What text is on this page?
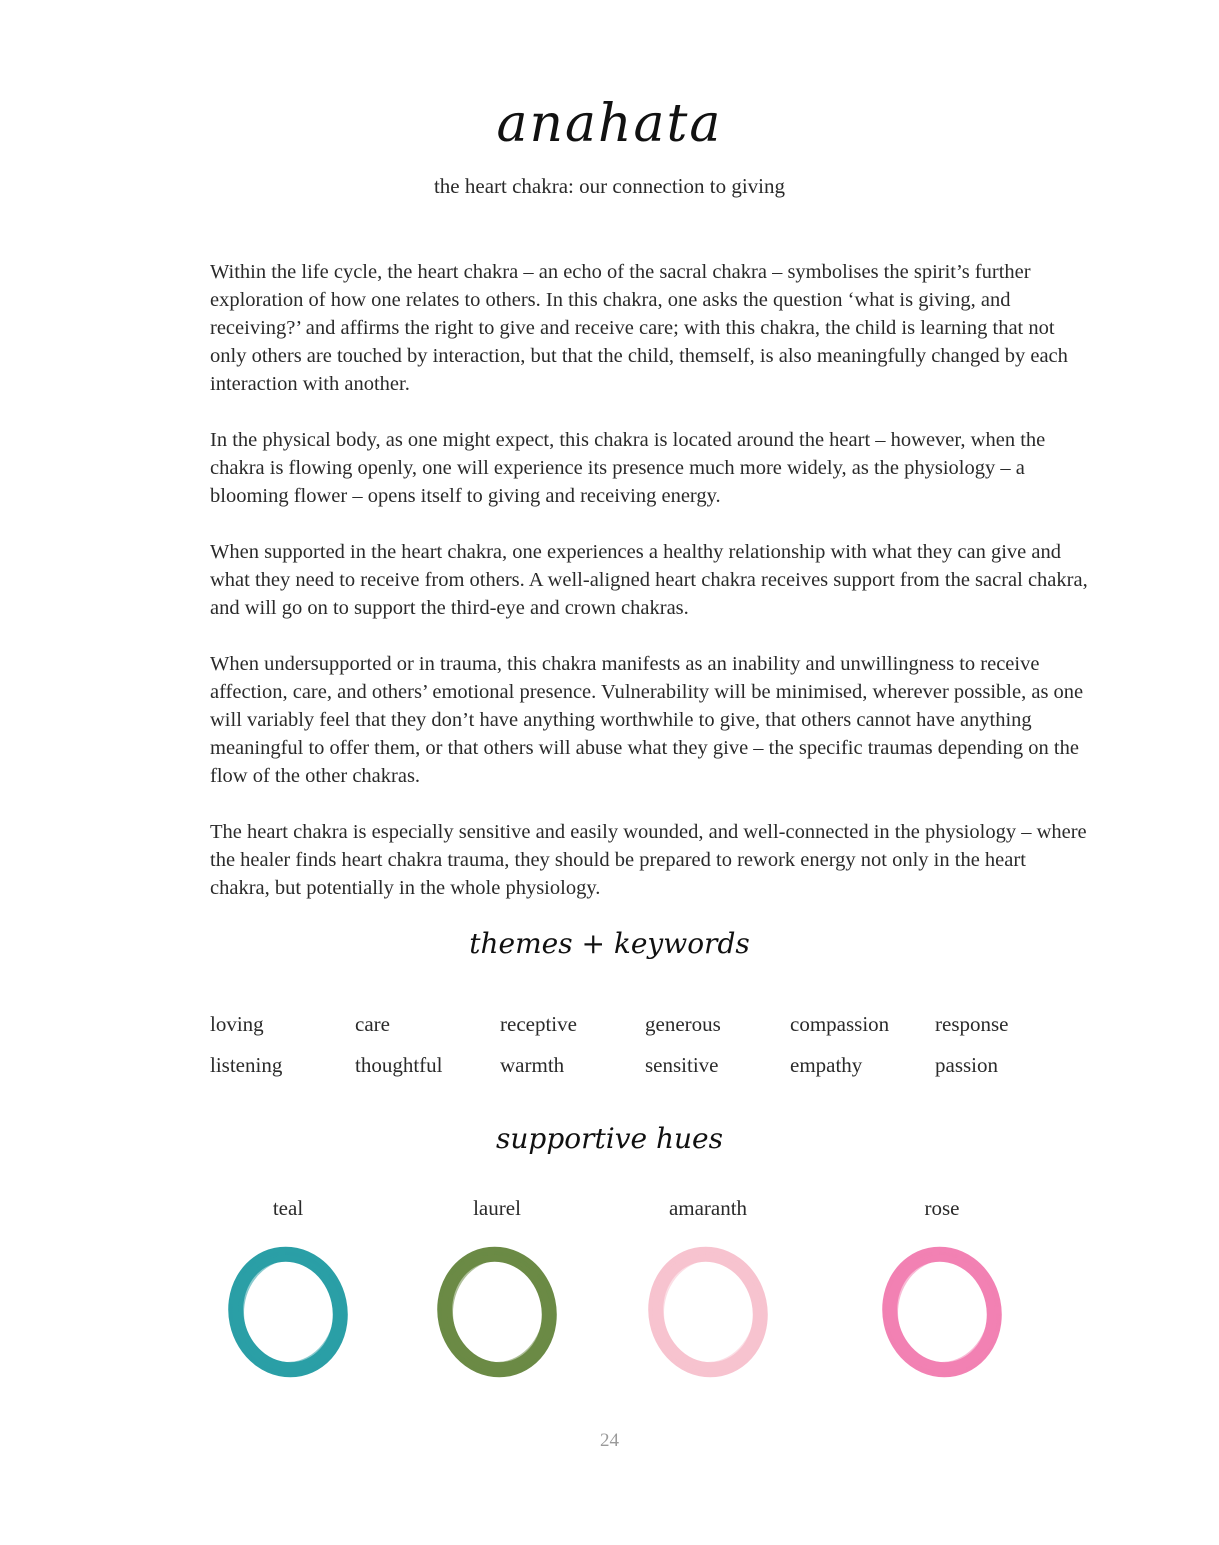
anahata
the heart chakra: our connection to giving

Within the life cycle, the heart chakra – an echo of the sacral chakra – symbolises the spirit’s further exploration of how one relates to others. In this chakra, one asks the question ‘what is giving, and receiving?’ and affirms the right to give and receive care; with this chakra, the child is learning that not only others are touched by interaction, but that the child, themself, is also meaningfully changed by each interaction with another.

In the physical body, as one might expect, this chakra is located around the heart – however, when the chakra is flowing openly, one will experience its presence much more widely, as the physiology – a blooming flower – opens itself to giving and receiving energy.

When supported in the heart chakra, one experiences a healthy relationship with what they can give and what they need to receive from others. A well-aligned heart chakra receives support from the sacral chakra, and will go on to support the third-eye and crown chakras.

When undersupported or in trauma, this chakra manifests as an inability and unwillingness to receive affection, care, and others’ emotional presence. Vulnerability will be minimised, wherever possible, as one will variably feel that they don’t have anything worthwhile to give, that others cannot have anything meaningful to offer them, or that others will abuse what they give – the specific traumas depending on the flow of the other chakras.

The heart chakra is especially sensitive and easily wounded, and well-connected in the physiology – where the healer finds heart chakra trauma, they should be prepared to rework energy not only in the heart chakra, but potentially in the whole physiology.

themes + keywords
loving	care	receptive	generous	compassion	response
listening	thoughtful	warmth	sensitive	empathy	passion
supportive hues
teal	laurel	amaranth	rose
24
